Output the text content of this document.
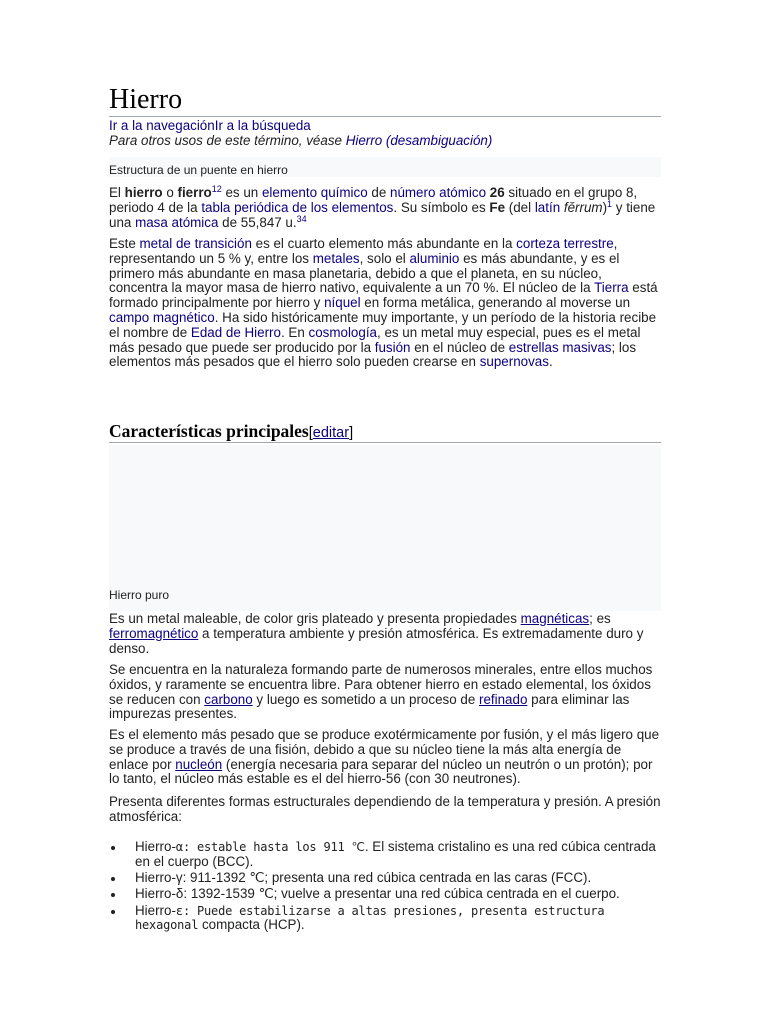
Hierro
Ir a la navegaciónIr a la búsqueda
Para otros usos de este término, véase Hierro (desambiguación)
Estructura de un puente en hierro

El hierro o fierro$^{12}$ es un elemento químico de número atómico 26 situado en el grupo 8, periodo 4 de la tabla periódica de los elementos. Su símbolo es Fe (del latín fĕrrum)$^1$ y tiene una masa atómica de 55,847 u.$^{34}$

Este metal de transición es el cuarto elemento más abundante en la corteza terrestre, representando un 5 % y, entre los metales, solo el aluminio es más abundante, y es el primero más abundante en masa planetaria, debido a que el planeta, en su núcleo, concentra la mayor masa de hierro nativo, equivalente a un 70 %. El núcleo de la Tierra está formado principalmente por hierro y níquel en forma metálica, generando al moverse un campo magnético. Ha sido históricamente muy importante, y un período de la historia recibe el nombre de Edad de Hierro. En cosmología, es un metal muy especial, pues es el metal más pesado que puede ser producido por la fusión en el núcleo de estrellas masivas; los elementos más pesados que el hierro solo pueden crearse en supernovas.

Características principales[editar]
Hierro puro

Es un metal maleable, de color gris plateado y presenta propiedades magnéticas; es ferromagnético a temperatura ambiente y presión atmosférica. Es extremadamente duro y denso.

Se encuentra en la naturaleza formando parte de numerosos minerales, entre ellos muchos óxidos, y raramente se encuentra libre. Para obtener hierro en estado elemental, los óxidos se reducen con carbono y luego es sometido a un proceso de refinado para eliminar las impurezas presentes.

Es el elemento más pesado que se produce exotérmicamente por fusión, y el más ligero que se produce a través de una fisión, debido a que su núcleo tiene la más alta energía de enlace por nucleón (energía necesaria para separar del núcleo un neutrón o un protón); por lo tanto, el núcleo más estable es el del hierro-56 (con 30 neutrones).

Presenta diferentes formas estructurales dependiendo de la temperatura y presión. A presión atmosférica:

Hierro-α: estable hasta los 911 ℃. El sistema cristalino es una red cúbica centrada en el cuerpo (BCC).
Hierro-γ: 911-1392 ℃; presenta una red cúbica centrada en las caras (FCC).
Hierro-δ: 1392-1539 ℃; vuelve a presentar una red cúbica centrada en el cuerpo.
Hierro-ε: Puede estabilizarse a altas presiones, presenta estructura hexagonal compacta (HCP).
